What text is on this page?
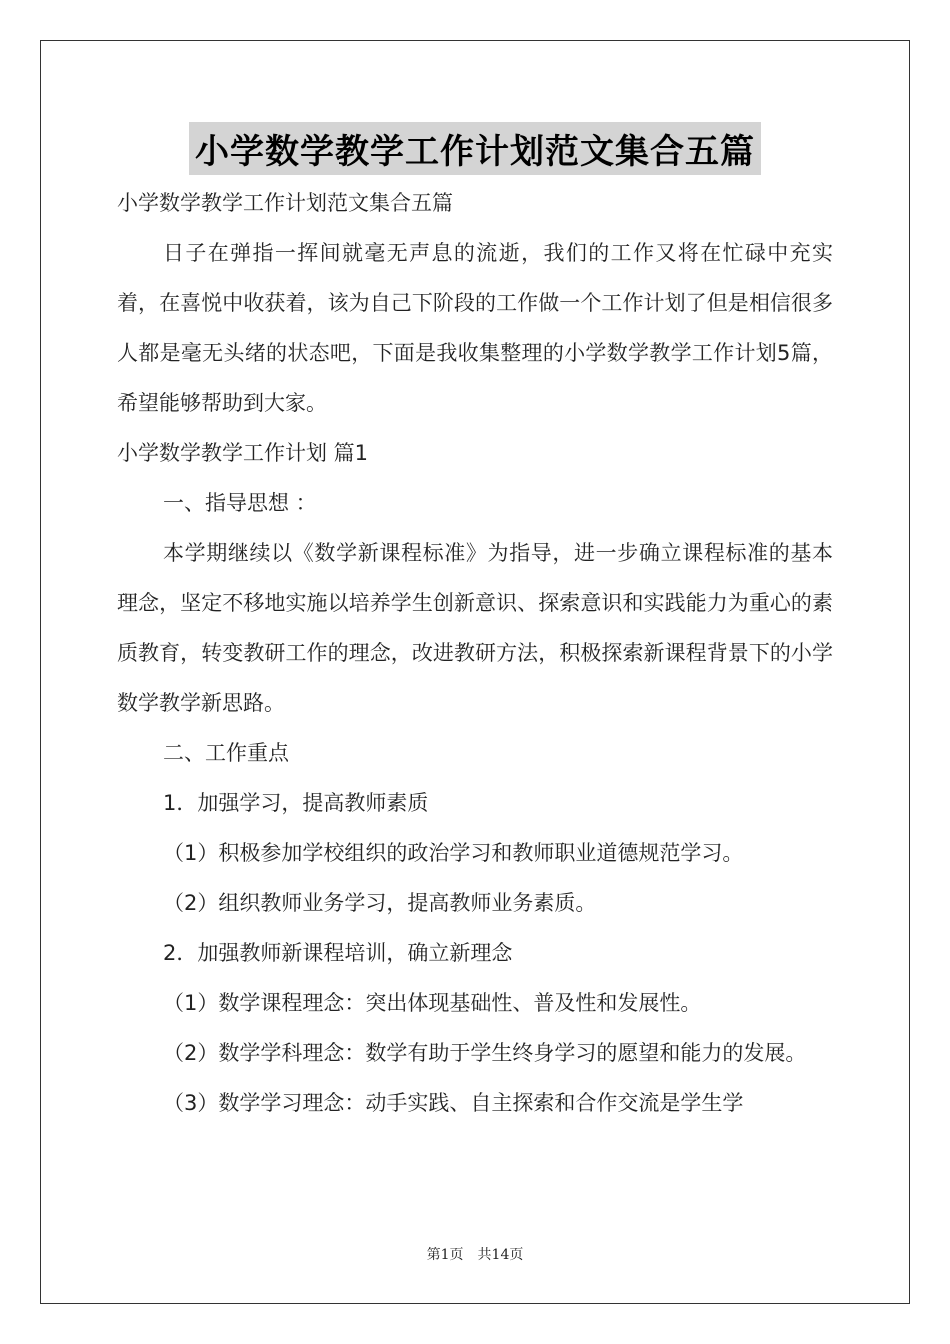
小学数学教学工作计划范文集合五篇

小学数学教学工作计划范文集合五篇

日子在弹指一挥间就毫无声息的流逝，我们的工作又将在忙碌中充实着，在喜悦中收获着，该为自己下阶段的工作做一个工作计划了但是相信很多人都是毫无头绪的状态吧，下面是我收集整理的小学数学教学工作计划5篇，希望能够帮助到大家。

小学数学教学工作计划 篇1

一、指导思想 ：

本学期继续以《数学新课程标准》为指导，进一步确立课程标准的基本理念，坚定不移地实施以培养学生创新意识、探索意识和实践能力为重心的素质教育，转变教研工作的理念，改进教研方法，积极探索新课程背景下的小学数学教学新思路。

二、工作重点

1．加强学习，提高教师素质

（1）积极参加学校组织的政治学习和教师职业道德规范学习。

（2）组织教师业务学习，提高教师业务素质。

2．加强教师新课程培训，确立新理念

（1）数学课程理念：突出体现基础性、普及性和发展性。

（2）数学学科理念：数学有助于学生终身学习的愿望和能力的发展。

（3）数学学习理念：动手实践、自主探索和合作交流是学生学

第1页　共14页
